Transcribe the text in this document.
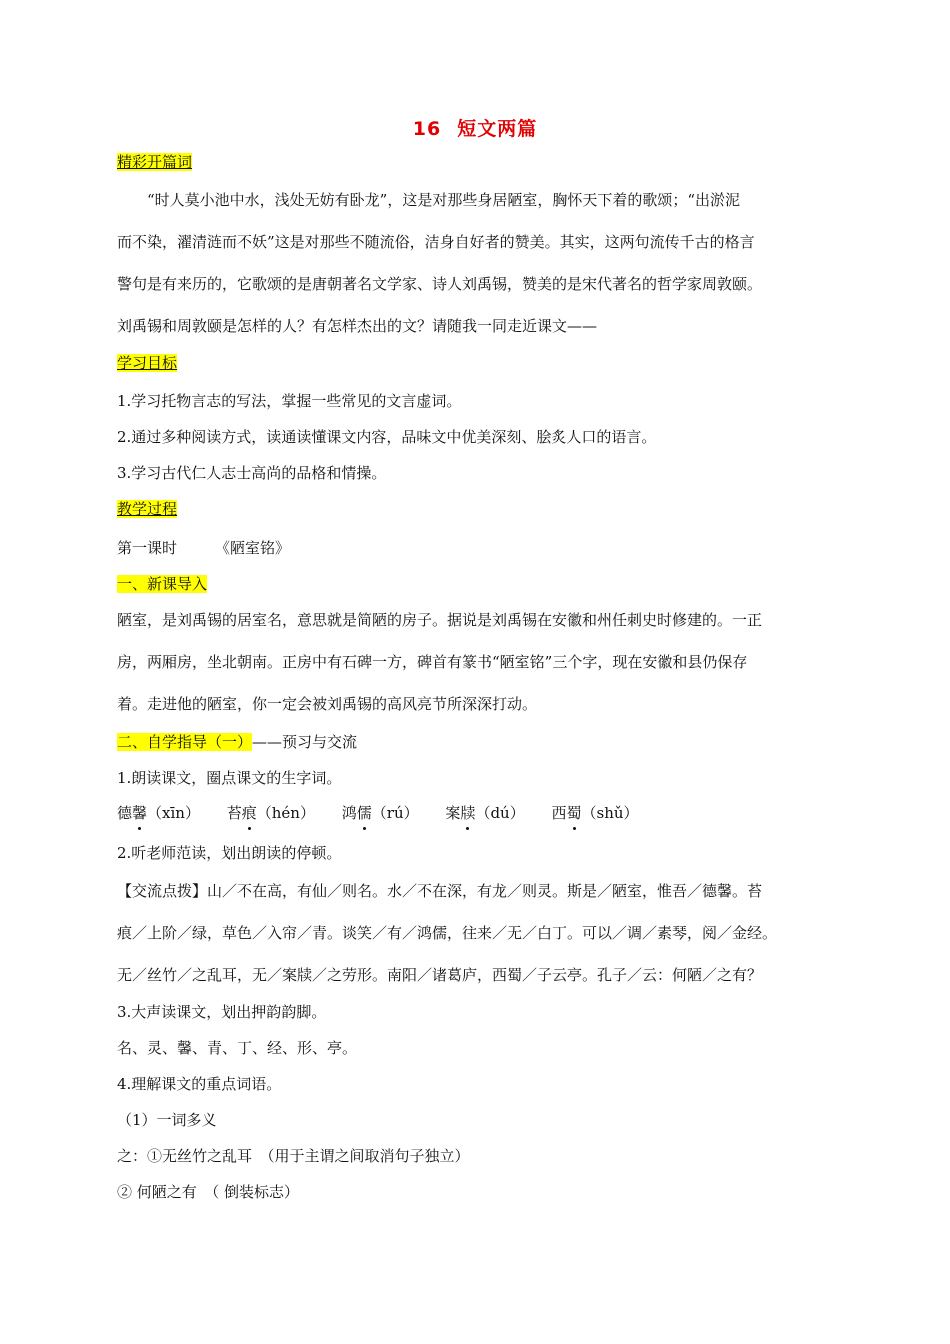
16 短文两篇
精彩开篇词
“时人莫小池中水，浅处无妨有卧龙”，这是对那些身居陋室，胸怀天下着的歌颂；“出淤泥
而不染，濯清涟而不妖”这是对那些不随流俗，洁身自好者的赞美。其实，这两句流传千古的格言
警句是有来历的，它歌颂的是唐朝著名文学家、诗人刘禹锡，赞美的是宋代著名的哲学家周敦颐。
刘禹锡和周敦颐是怎样的人？有怎样杰出的文？请随我一同走近课文——
学习目标
1.学习托物言志的写法，掌握一些常见的文言虚词。
2.通过多种阅读方式，读通读懂课文内容，品味文中优美深刻、脍炙人口的语言。
3.学习古代仁人志士高尚的品格和情操。
教学过程
第一课时	《陋室铭》
一、新课导入
陋室，是刘禹锡的居室名，意思就是简陋的房子。据说是刘禹锡在安徽和州任刺史时修建的。一正
房，两厢房，坐北朝南。正房中有石碑一方，碑首有篆书“陋室铭”三个字，现在安徽和县仍保存
着。走进他的陋室，你一定会被刘禹锡的高风亮节所深深打动。
二、自学指导（一）——预习与交流
1.朗读课文，圈点课文的生字词。
德馨（xīn） 苔痕（hén） 鸿儒（rú） 案牍（dú） 西蜀（shǔ）
2.听老师范读，划出朗读的停顿。
【交流点拨】山／不在高，有仙／则名。水／不在深，有龙／则灵。斯是／陋室，惟吾／德馨。苔
痕／上阶／绿，草色／入帘／青。谈笑／有／鸿儒，往来／无／白丁。可以／调／素琴，阅／金经。
无／丝竹／之乱耳，无／案牍／之劳形。南阳／诸葛庐，西蜀／子云亭。孔子／云：何陋／之有？
3.大声读课文，划出押韵韵脚。
名、灵、馨、青、丁、经、形、亭。
4.理解课文的重点词语。
（1）一词多义
之：①无丝竹之乱耳　（用于主谓之间取消句子独立）
② 何陋之有　（ 倒装标志）
